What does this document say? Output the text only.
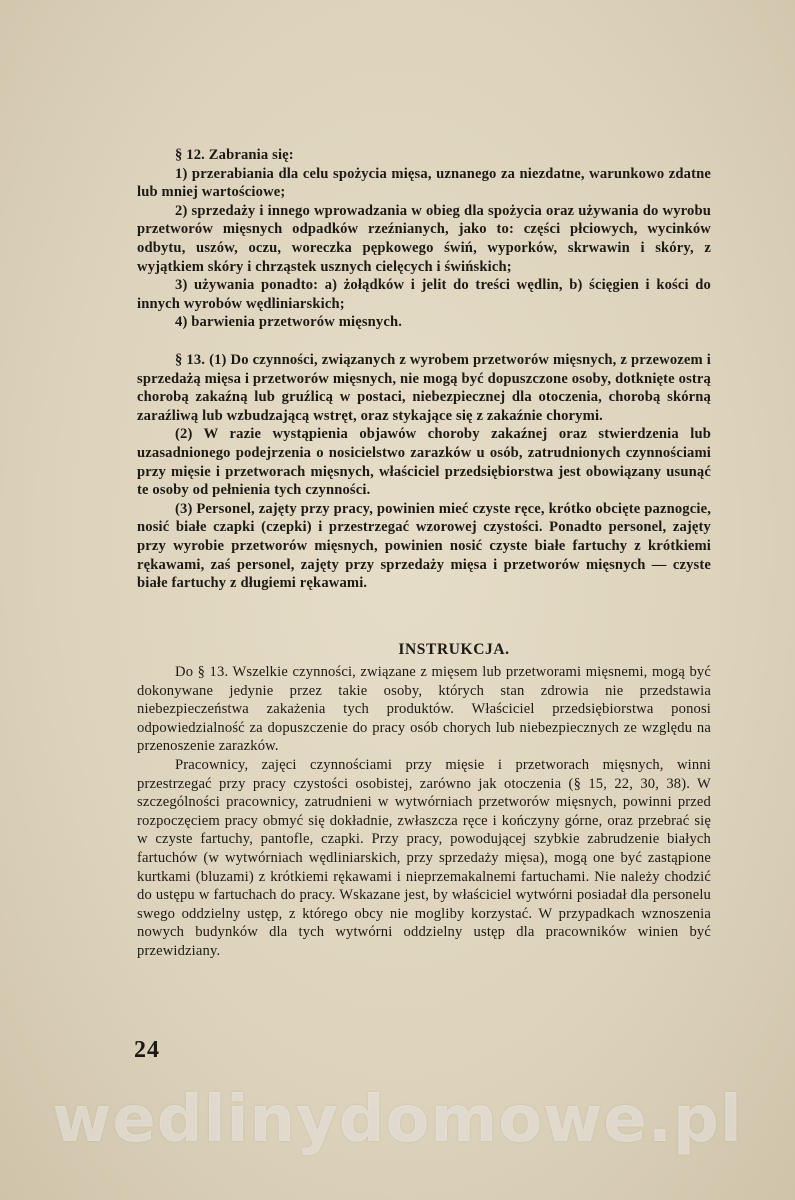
§ 12. Zabrania się:

1) przerabiania dla celu spożycia mięsa, uznanego za niezdatne, warunkowo zdatne lub mniej wartościowe;

2) sprzedaży i innego wprowadzania w obieg dla spożycia oraz używania do wyrobu przetworów mięsnych odpadków rzeźnianych, jako to: części płciowych, wycinków odbytu, uszów, oczu, woreczka pępkowego świń, wyporków, skrwawin i skóry, z wyjątkiem skóry i chrząstek usznych cielęcych i świńskich;

3) używania ponadto: a) żołądków i jelit do treści wędlin, b) ścięgien i kości do innych wyrobów wędliniarskich;

4) barwienia przetworów mięsnych.

§ 13. (1) Do czynności, związanych z wyrobem przetworów mięsnych, z przewozem i sprzedażą mięsa i przetworów mięsnych, nie mogą być dopuszczone osoby, dotknięte ostrą chorobą zakaźną lub gruźlicą w postaci, niebezpiecznej dla otoczenia, chorobą skórną zaraźliwą lub wzbudzającą wstręt, oraz stykające się z zakaźnie chorymi.

(2) W razie wystąpienia objawów choroby zakaźnej oraz stwierdzenia lub uzasadnionego podejrzenia o nosicielstwo zarazków u osób, zatrudnionych czynnościami przy mięsie i przetworach mięsnych, właściciel przedsiębiorstwa jest obowiązany usunąć te osoby od pełnienia tych czynności.

(3) Personel, zajęty przy pracy, powinien mieć czyste ręce, krótko obcięte paznogcie, nosić białe czapki (czepki) i przestrzegać wzorowej czystości. Ponadto personel, zajęty przy wyrobie przetworów mięsnych, powinien nosić czyste białe fartuchy z krótkiemi rękawami, zaś personel, zajęty przy sprzedaży mięsa i przetworów mięsnych — czyste białe fartuchy z długiemi rękawami.

INSTRUKCJA.

Do § 13. Wszelkie czynności, związane z mięsem lub przetworami mięsnemi, mogą być dokonywane jedynie przez takie osoby, których stan zdrowia nie przedstawia niebezpieczeństwa zakażenia tych produktów. Właściciel przedsiębiorstwa ponosi odpowiedzialność za dopuszczenie do pracy osób chorych lub niebezpiecznych ze względu na przenoszenie zarazków.

Pracownicy, zajęci czynnościami przy mięsie i przetworach mięsnych, winni przestrzegać przy pracy czystości osobistej, zarówno jak otoczenia (§ 15, 22, 30, 38). W szczególności pracownicy, zatrudnieni w wytwórniach przetworów mięsnych, powinni przed rozpoczęciem pracy obmyć się dokładnie, zwłaszcza ręce i kończyny górne, oraz przebrać się w czyste fartuchy, pantofle, czapki. Przy pracy, powodującej szybkie zabrudzenie białych fartuchów (w wytwórniach wędliniarskich, przy sprzedaży mięsa), mogą one być zastąpione kurtkami (bluzami) z krótkiemi rękawami i nieprzemakalnemi fartuchami. Nie należy chodzić do ustępu w fartuchach do pracy. Wskazane jest, by właściciel wytwórni posiadał dla personelu swego oddzielny ustęp, z którego obcy nie mogliby korzystać. W przypadkach wznoszenia nowych budynków dla tych wytwórni oddzielny ustęp dla pracowników winien być przewidziany.

24
wedlinydomowe.pl
